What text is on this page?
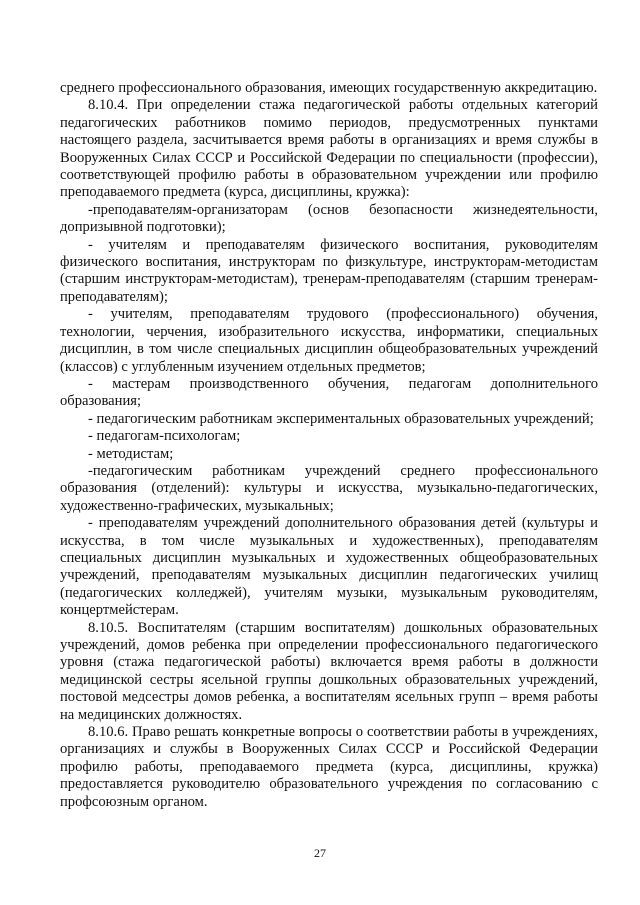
среднего профессионального образования, имеющих государственную аккредитацию.

8.10.4. При определении стажа педагогической работы отдельных категорий педагогических работников помимо периодов, предусмотренных пунктами настоящего раздела, засчитывается время работы в организациях и время службы в Вооруженных Силах СССР и Российской Федерации по специальности (профессии), соответствующей профилю работы в образовательном учреждении или профилю преподаваемого предмета (курса, дисциплины, кружка):

-преподавателям-организаторам (основ безопасности жизнедеятельности, допризывной подготовки);

- учителям и преподавателям физического воспитания, руководителям физического воспитания, инструкторам по физкультуре, инструкторам-методистам (старшим инструкторам-методистам), тренерам-преподавателям (старшим тренерам-преподавателям);

- учителям, преподавателям трудового (профессионального) обучения, технологии, черчения, изобразительного искусства, информатики, специальных дисциплин, в том числе специальных дисциплин общеобразовательных учреждений (классов) с углубленным изучением отдельных предметов;

- мастерам производственного обучения, педагогам дополнительного образования;

- педагогическим работникам экспериментальных образовательных учреждений;

- педагогам-психологам;

- методистам;

-педагогическим работникам учреждений среднего профессионального образования (отделений): культуры и искусства, музыкально-педагогических, художественно-графических, музыкальных;

- преподавателям учреждений дополнительного образования детей (культуры и искусства, в том числе музыкальных и художественных), преподавателям специальных дисциплин музыкальных и художественных общеобразовательных учреждений, преподавателям музыкальных дисциплин педагогических училищ (педагогических колледжей), учителям музыки, музыкальным руководителям, концертмейстерам.

8.10.5. Воспитателям (старшим воспитателям) дошкольных образовательных учреждений, домов ребенка при определении профессионального педагогического уровня (стажа педагогической работы) включается время работы в должности медицинской сестры ясельной группы дошкольных образовательных учреждений, постовой медсестры домов ребенка, а воспитателям ясельных групп – время работы на медицинских должностях.

8.10.6. Право решать конкретные вопросы о соответствии работы в учреждениях, организациях и службы в Вооруженных Силах СССР и Российской Федерации профилю работы, преподаваемого предмета (курса, дисциплины, кружка) предоставляется руководителю образовательного учреждения по согласованию с профсоюзным органом.

27
